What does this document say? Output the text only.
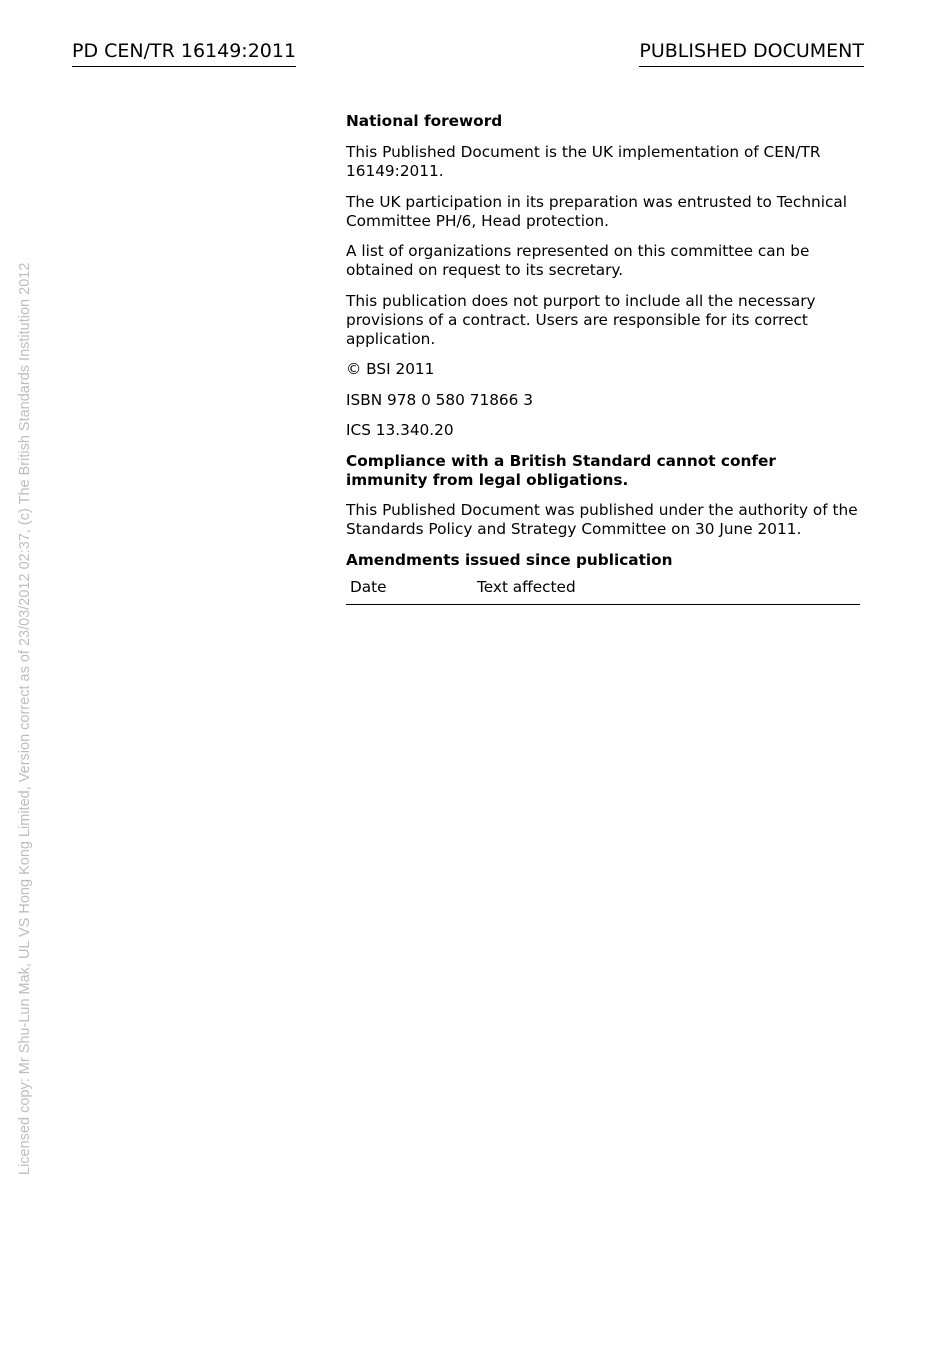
PD CEN/TR 16149:2011	PUBLISHED DOCUMENT
Licensed copy: Mr Shu-Lun Mak, UL VS Hong Kong Limited, Version correct as of 23/03/2012 02:37, (c) The British Standards Institution 2012

National foreword

This Published Document is the UK implementation of CEN/TR 16149:2011.

The UK participation in its preparation was entrusted to Technical Committee PH/6, Head protection.

A list of organizations represented on this committee can be obtained on request to its secretary.

This publication does not purport to include all the necessary provisions of a contract. Users are responsible for its correct application.

© BSI 2011

ISBN 978 0 580 71866 3

ICS 13.340.20

Compliance with a British Standard cannot confer immunity from legal obligations.

This Published Document was published under the authority of the Standards Policy and Strategy Committee on 30 June 2011.

Amendments issued since publication

Date	Text affected
